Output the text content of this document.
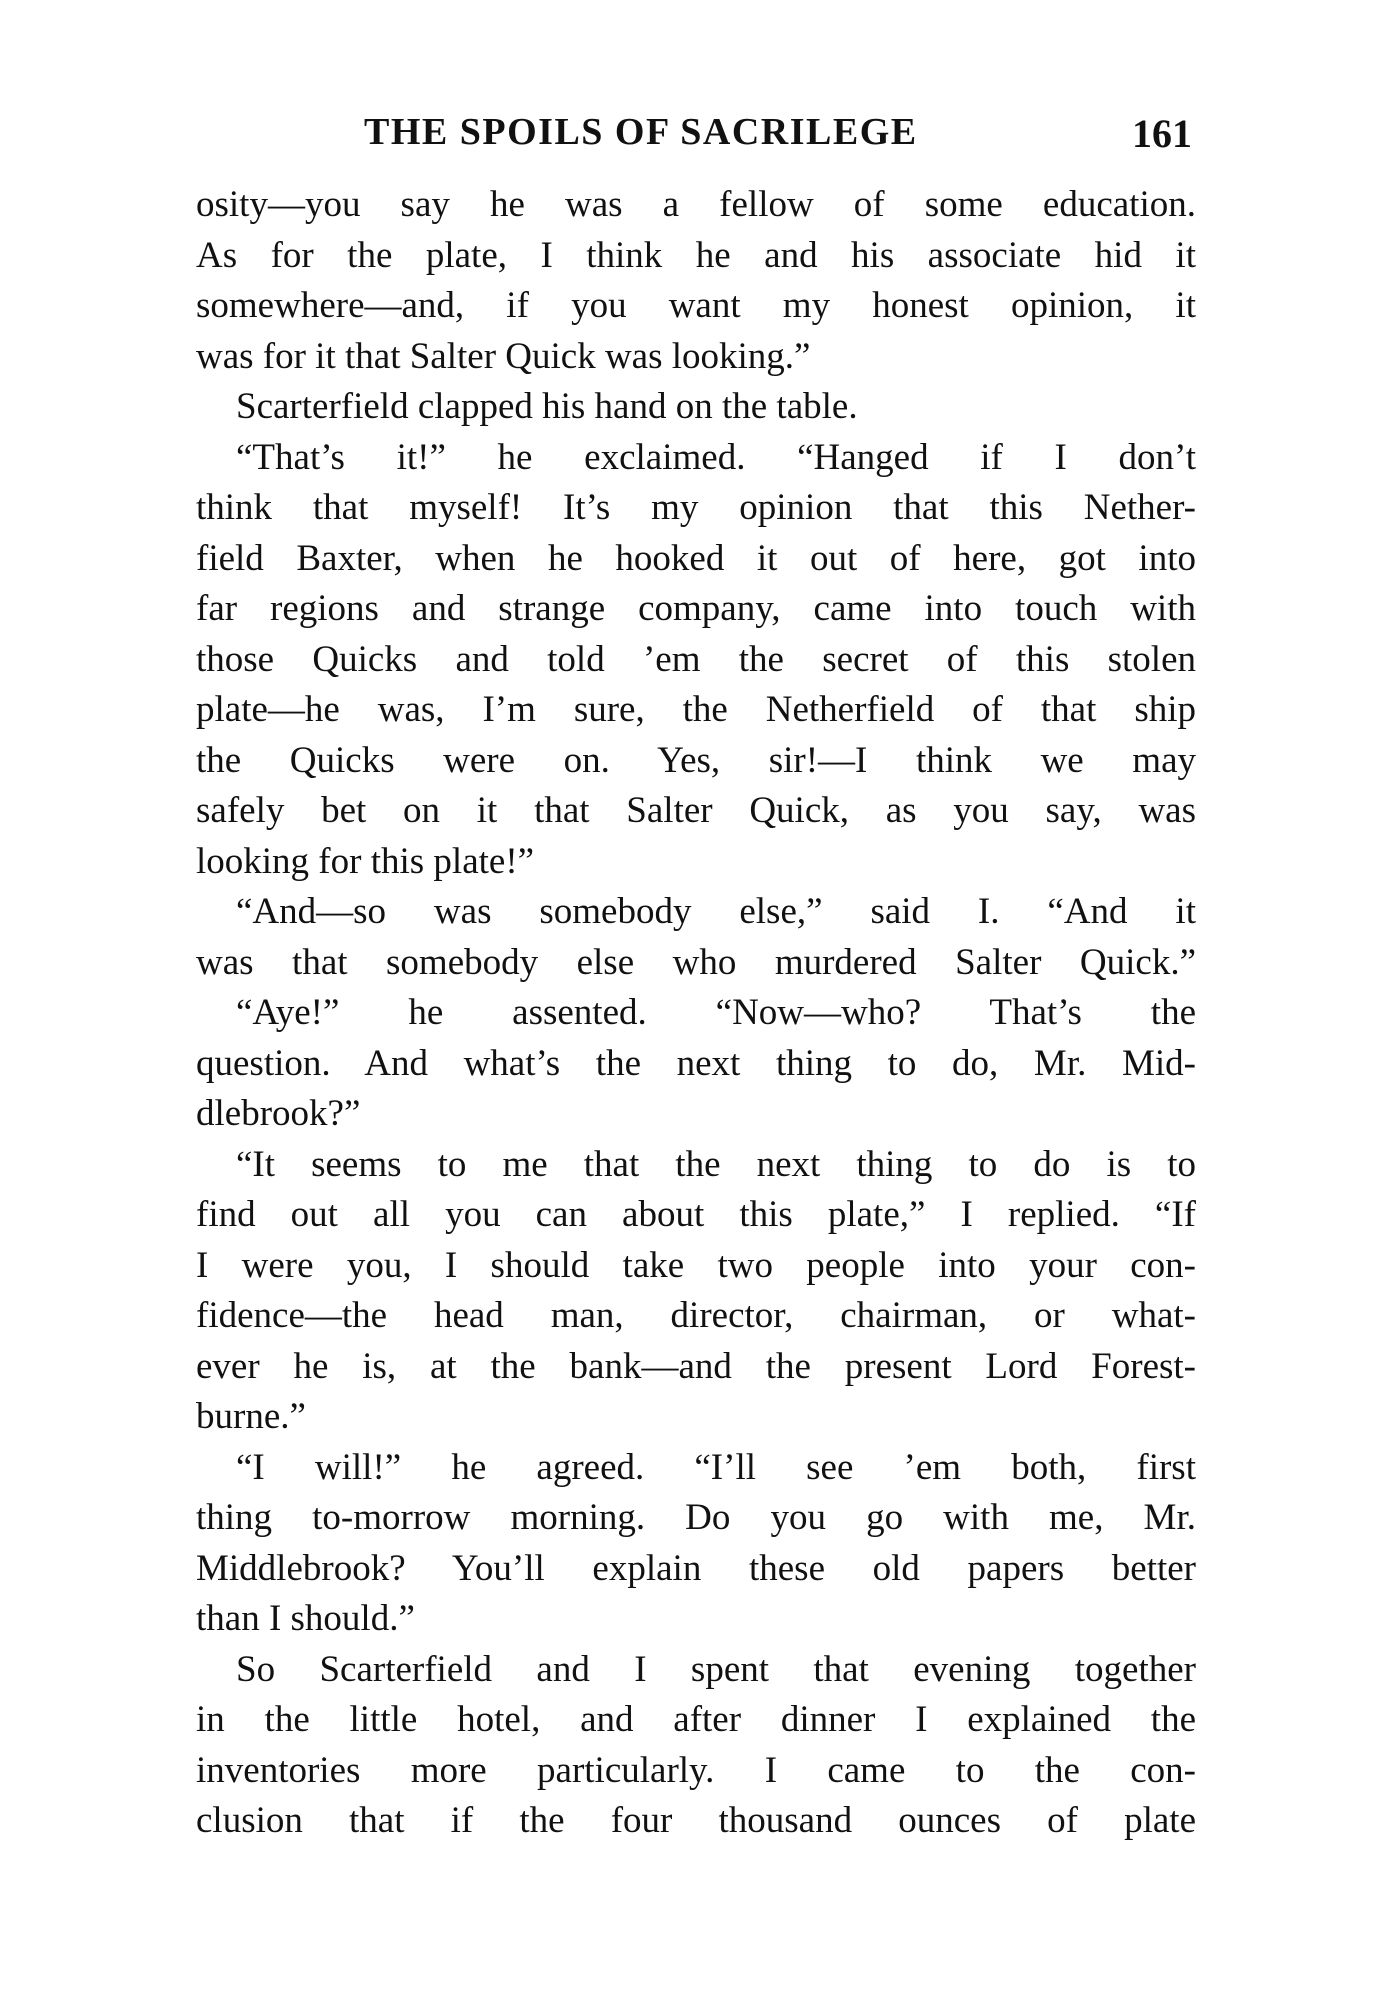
THE SPOILS OF SACRILEGE	161
osity—you say he was a fellow of some education.
As for the plate, I think he and his associate hid it
somewhere—and, if you want my honest opinion, it
was for it that Salter Quick was looking.”
Scarterfield clapped his hand on the table.
“That’s it!” he exclaimed. “Hanged if I don’t
think that myself! It’s my opinion that this Nether-
field Baxter, when he hooked it out of here, got into
far regions and strange company, came into touch with
those Quicks and told ’em the secret of this stolen
plate—he was, I’m sure, the Netherfield of that ship
the Quicks were on. Yes, sir!—I think we may
safely bet on it that Salter Quick, as you say, was
looking for this plate!”
“And—so was somebody else,” said I. “And it
was that somebody else who murdered Salter Quick.”
“Aye!” he assented. “Now—who? That’s the
question. And what’s the next thing to do, Mr. Mid-
dlebrook?”
“It seems to me that the next thing to do is to
find out all you can about this plate,” I replied. “If
I were you, I should take two people into your con-
fidence—the head man, director, chairman, or what-
ever he is, at the bank—and the present Lord Forest-
burne.”
“I will!” he agreed. “I’ll see ’em both, first
thing to-morrow morning. Do you go with me, Mr.
Middlebrook? You’ll explain these old papers better
than I should.”
So Scarterfield and I spent that evening together
in the little hotel, and after dinner I explained the
inventories more particularly. I came to the con-
clusion that if the four thousand ounces of plate
